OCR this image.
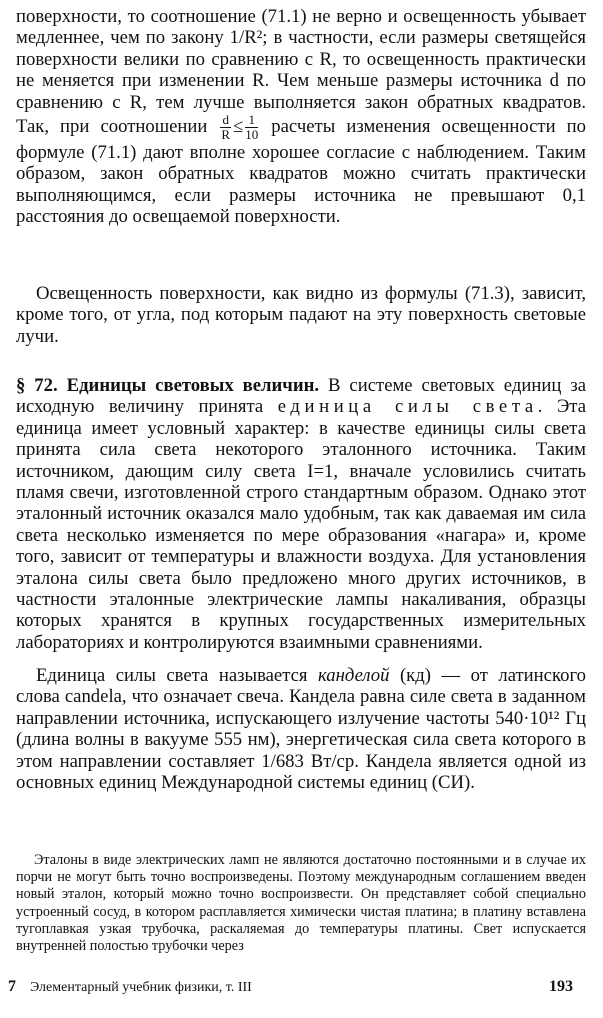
поверхности, то соотношение (71.1) не верно и освещенность убывает медленнее, чем по закону 1/R²; в частности, если размеры светящейся поверхности велики по сравнению с R, то освещенность практически не меняется при изменении R. Чем меньше размеры источника d по сравнению с R, тем лучше выполняется закон обратных квадратов. Так, при соотношении $\frac{d}{R} \le \frac{1}{10}$ расчеты изменения освещенности по формуле (71.1) дают вполне хорошее согласие с наблюдением. Таким образом, закон обратных квадратов можно считать практически выполняющимся, если размеры источника не превышают 0,1 расстояния до освещаемой поверхности.

Освещенность поверхности, как видно из формулы (71.3), зависит, кроме того, от угла, под которым падают на эту поверхность световые лучи.

§ 72. Единицы световых величин. В системе световых единиц за исходную величину принята единица силы света. Эта единица имеет условный характер: в качестве единицы силы света принята сила света некоторого эталонного источника. Таким источником, дающим силу света I=1, вначале условились считать пламя свечи, изготовленной строго стандартным образом. Однако этот эталонный источник оказался мало удобным, так как даваемая им сила света несколько изменяется по мере образования «нагара» и, кроме того, зависит от температуры и влажности воздуха. Для установления эталона силы света было предложено много других источников, в частности эталонные электрические лампы накаливания, образцы которых хранятся в крупных государственных измерительных лабораториях и контролируются взаимными сравнениями.

Единица силы света называется канделой (кд) — от латинского слова candela, что означает свеча. Кандела равна силе света в заданном направлении источника, испускающего излучение частоты 540·10¹² Гц (длина волны в вакууме 555 нм), энергетическая сила света которого в этом направлении составляет 1/683 Вт/ср. Кандела является одной из основных единиц Международной системы единиц (СИ).

Эталоны в виде электрических ламп не являются достаточно постоянными и в случае их порчи не могут быть точно воспроизведены. Поэтому международным соглашением введен новый эталон, который можно точно воспроизвести. Он представляет собой специально устроенный сосуд, в котором расплавляется химически чистая платина; в платину вставлена тугоплавкая узкая трубочка, раскаляемая до температуры платины. Свет испускается внутренней полостью трубочки через

7 Элементарный учебник физики, т. III	193
